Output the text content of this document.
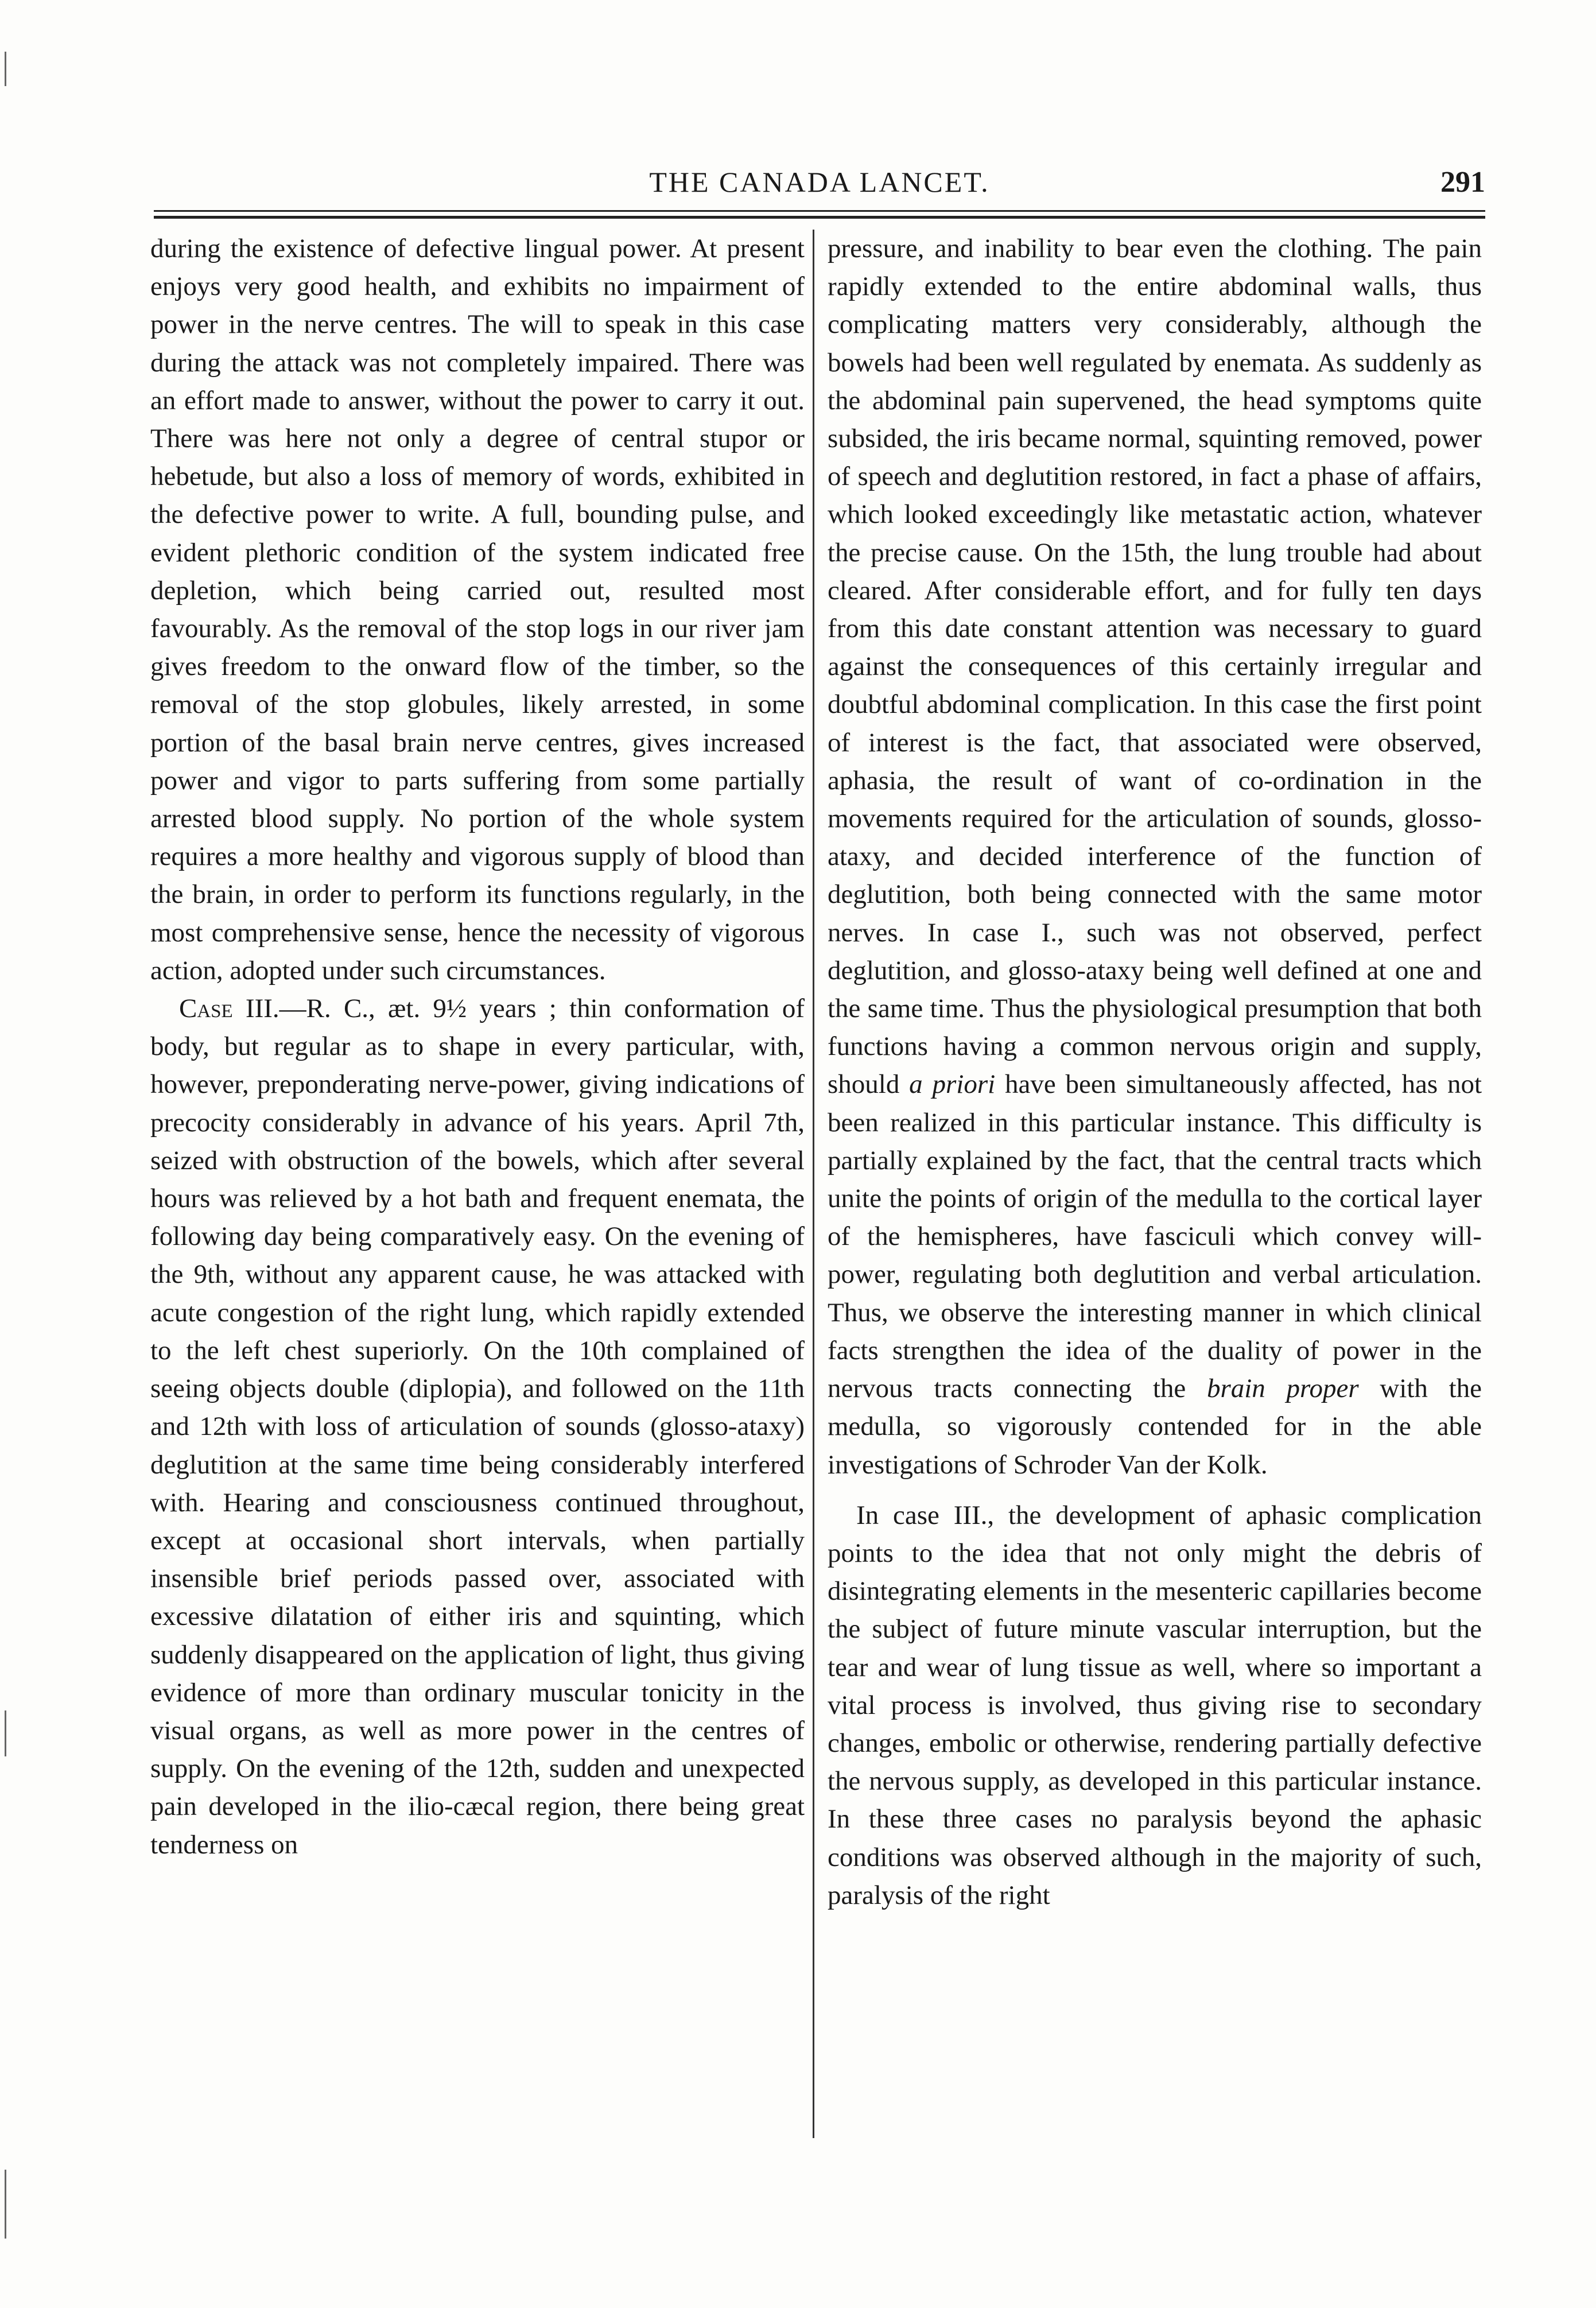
THE CANADA LANCET.	291

during the existence of defective lingual power. At present enjoys very good health, and exhibits no impairment of power in the nerve centres. The will to speak in this case during the attack was not completely impaired. There was an effort made to answer, without the power to carry it out. There was here not only a degree of central stupor or hebetude, but also a loss of memory of words, exhibited in the defective power to write. A full, bounding pulse, and evident plethoric condition of the system indicated free depletion, which being carried out, resulted most favourably. As the removal of the stop logs in our river jam gives freedom to the onward flow of the timber, so the removal of the stop globules, likely arrested, in some portion of the basal brain nerve centres, gives increased power and vigor to parts suffering from some partially arrested blood supply. No portion of the whole system requires a more healthy and vigorous supply of blood than the brain, in order to perform its functions regularly, in the most comprehensive sense, hence the necessity of vigorous action, adopted under such circumstances.

Case III.—R. C., æt. 9½ years ; thin conformation of body, but regular as to shape in every particular, with, however, preponderating nerve-power, giving indications of precocity considerably in advance of his years. April 7th, seized with obstruction of the bowels, which after several hours was relieved by a hot bath and frequent enemata, the following day being comparatively easy. On the evening of the 9th, without any apparent cause, he was attacked with acute congestion of the right lung, which rapidly extended to the left chest superiorly. On the 10th complained of seeing objects double (diplopia), and followed on the 11th and 12th with loss of articulation of sounds (glosso-ataxy) deglutition at the same time being considerably interfered with. Hearing and consciousness continued throughout, except at occasional short intervals, when partially insensible brief periods passed over, associated with excessive dilatation of either iris and squinting, which suddenly disappeared on the application of light, thus giving evidence of more than ordinary muscular tonicity in the visual organs, as well as more power in the centres of supply. On the evening of the 12th, sudden and unexpected pain developed in the ilio-cæcal region, there being great tenderness on

pressure, and inability to bear even the clothing. The pain rapidly extended to the entire abdominal walls, thus complicating matters very considerably, although the bowels had been well regulated by enemata. As suddenly as the abdominal pain supervened, the head symptoms quite subsided, the iris became normal, squinting removed, power of speech and deglutition restored, in fact a phase of affairs, which looked exceedingly like metastatic action, whatever the precise cause. On the 15th, the lung trouble had about cleared. After considerable effort, and for fully ten days from this date constant attention was necessary to guard against the consequences of this certainly irregular and doubtful abdominal complication. In this case the first point of interest is the fact, that associated were observed, aphasia, the result of want of co-ordination in the movements required for the articulation of sounds, glosso-ataxy, and decided interference of the function of deglutition, both being connected with the same motor nerves. In case I., such was not observed, perfect deglutition, and glosso-ataxy being well defined at one and the same time. Thus the physiological presumption that both functions having a common nervous origin and supply, should a priori have been simultaneously affected, has not been realized in this particular instance. This difficulty is partially explained by the fact, that the central tracts which unite the points of origin of the medulla to the cortical layer of the hemispheres, have fasciculi which convey will-power, regulating both deglutition and verbal articulation. Thus, we observe the interesting manner in which clinical facts strengthen the idea of the duality of power in the nervous tracts connecting the brain proper with the medulla, so vigorously contended for in the able investigations of Schroder Van der Kolk.

In case III., the development of aphasic complication points to the idea that not only might the debris of disintegrating elements in the mesenteric capillaries become the subject of future minute vascular interruption, but the tear and wear of lung tissue as well, where so important a vital process is involved, thus giving rise to secondary changes, embolic or otherwise, rendering partially defective the nervous supply, as developed in this particular instance. In these three cases no paralysis beyond the aphasic conditions was observed although in the majority of such, paralysis of the right
